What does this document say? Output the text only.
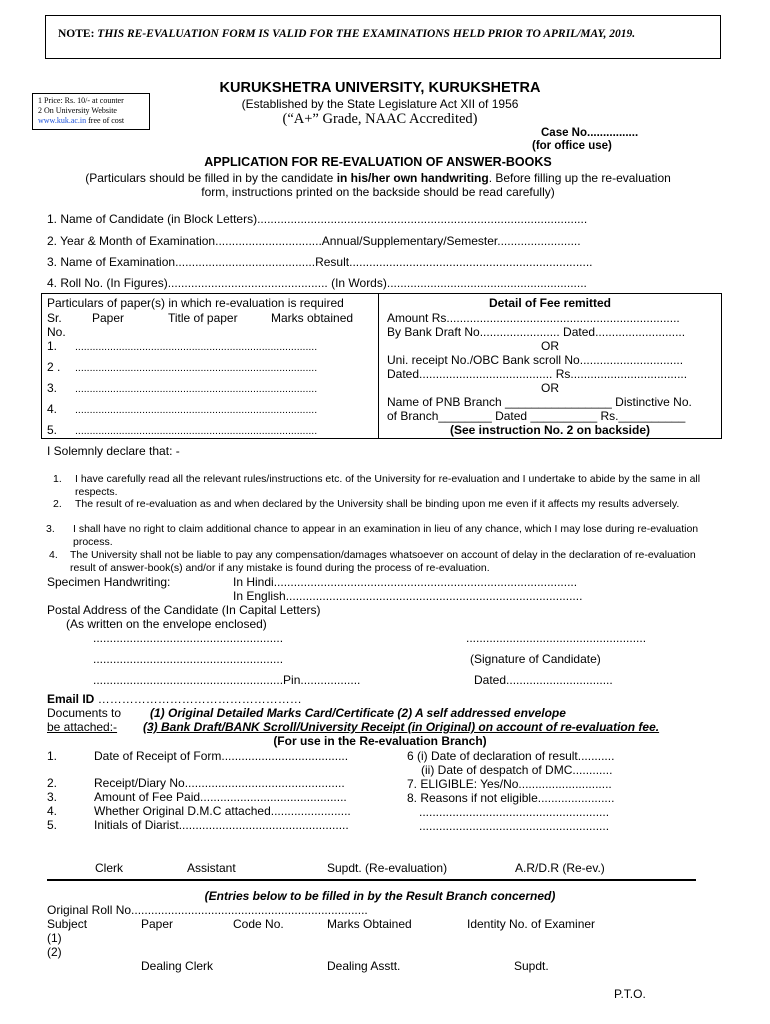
NOTE: THIS RE-EVALUATION FORM IS VALID FOR THE EXAMINATIONS HELD PRIOR TO APRIL/MAY, 2019.
1 Price: Rs. 10/- at counter
2 On University Website
www.kuk.ac.in free of cost
KURUKSHETRA UNIVERSITY, KURUKSHETRA
(Established by the State Legislature Act XII of 1956
(“A+” Grade, NAAC Accredited)
Case No................
(for office use)
APPLICATION FOR RE-EVALUATION OF ANSWER-BOOKS
(Particulars should be filled in by the candidate in his/her own handwriting. Before filling up the re-evaluation
form, instructions printed on the backside should be read carefully)
1. Name of Candidate (in Block Letters)...................................................................................................
2. Year & Month of Examination................................Annual/Supplementary/Semester.........................
3. Name of Examination..........................................Result.........................................................................
4. Roll No. (In Figures)................................................ (In Words)............................................................
Particulars of paper(s) in which re-evaluation is required
Sr.	Paper	Title of paper	Marks obtained
No.
1. ...................................................................................
2 . ...................................................................................
3. ...................................................................................
4. ...................................................................................
5. ...................................................................................
Detail of Fee remitted
Amount Rs......................................................................
By Bank Draft No........................ Dated...........................
OR
Uni. receipt No./OBC Bank scroll No...............................
Dated........................................ Rs...................................
OR
Name of PNB Branch ________________ Distinctive No.
of Branch________ Dated __________ Rs.__________
(See instruction No. 2 on backside)
I Solemnly declare that: -
1. I have carefully read all the relevant rules/instructions etc. of the University for re-evaluation and I undertake to abide by the same in all respects.
2. The result of re-evaluation as and when declared by the University shall be binding upon me even if it affects my results adversely.
3. I shall have no right to claim additional chance to appear in an examination in lieu of any chance, which I may lose during re-evaluation process.
4. The University shall not be liable to pay any compensation/damages whatsoever on account of delay in the declaration of re-evaluation result of answer-book(s) and/or if any mistake is found during the process of re-evaluation.
Specimen Handwriting:	In Hindi...........................................................................................
In English.........................................................................................
Postal Address of the Candidate (In Capital Letters)
(As written on the envelope enclosed)
.........................................................	......................................................
.........................................................	(Signature of Candidate)
.........................................................Pin..................	Dated................................
Email ID ……………………………………………
Documents to
be attached:-
(1) Original Detailed Marks Card/Certificate (2) A self addressed envelope
(3) Bank Draft/BANK Scroll/University Receipt (in Original) on account of re-evaluation fee.
(For use in the Re-evaluation Branch)
1.	Date of Receipt of Form......................................
2.	Receipt/Diary No................................................
3.	Amount of Fee Paid............................................
4.	Whether Original D.M.C attached........................
5.	Initials of Diarist...................................................
6 (i) Date of declaration of result...........
(ii) Date of despatch of DMC............
7. ELIGIBLE: Yes/No............................
8. Reasons if not eligible.......................
.........................................................
.........................................................
Clerk	Assistant	Supdt. (Re-evaluation)	A.R/D.R (Re-ev.)
(Entries below to be filled in by the Result Branch concerned)
Original Roll No.......................................................................
Subject	Paper	Code No.	Marks Obtained	Identity No. of Examiner
(1)
(2)
Dealing Clerk	Dealing Asstt.	Supdt.
P.T.O.
